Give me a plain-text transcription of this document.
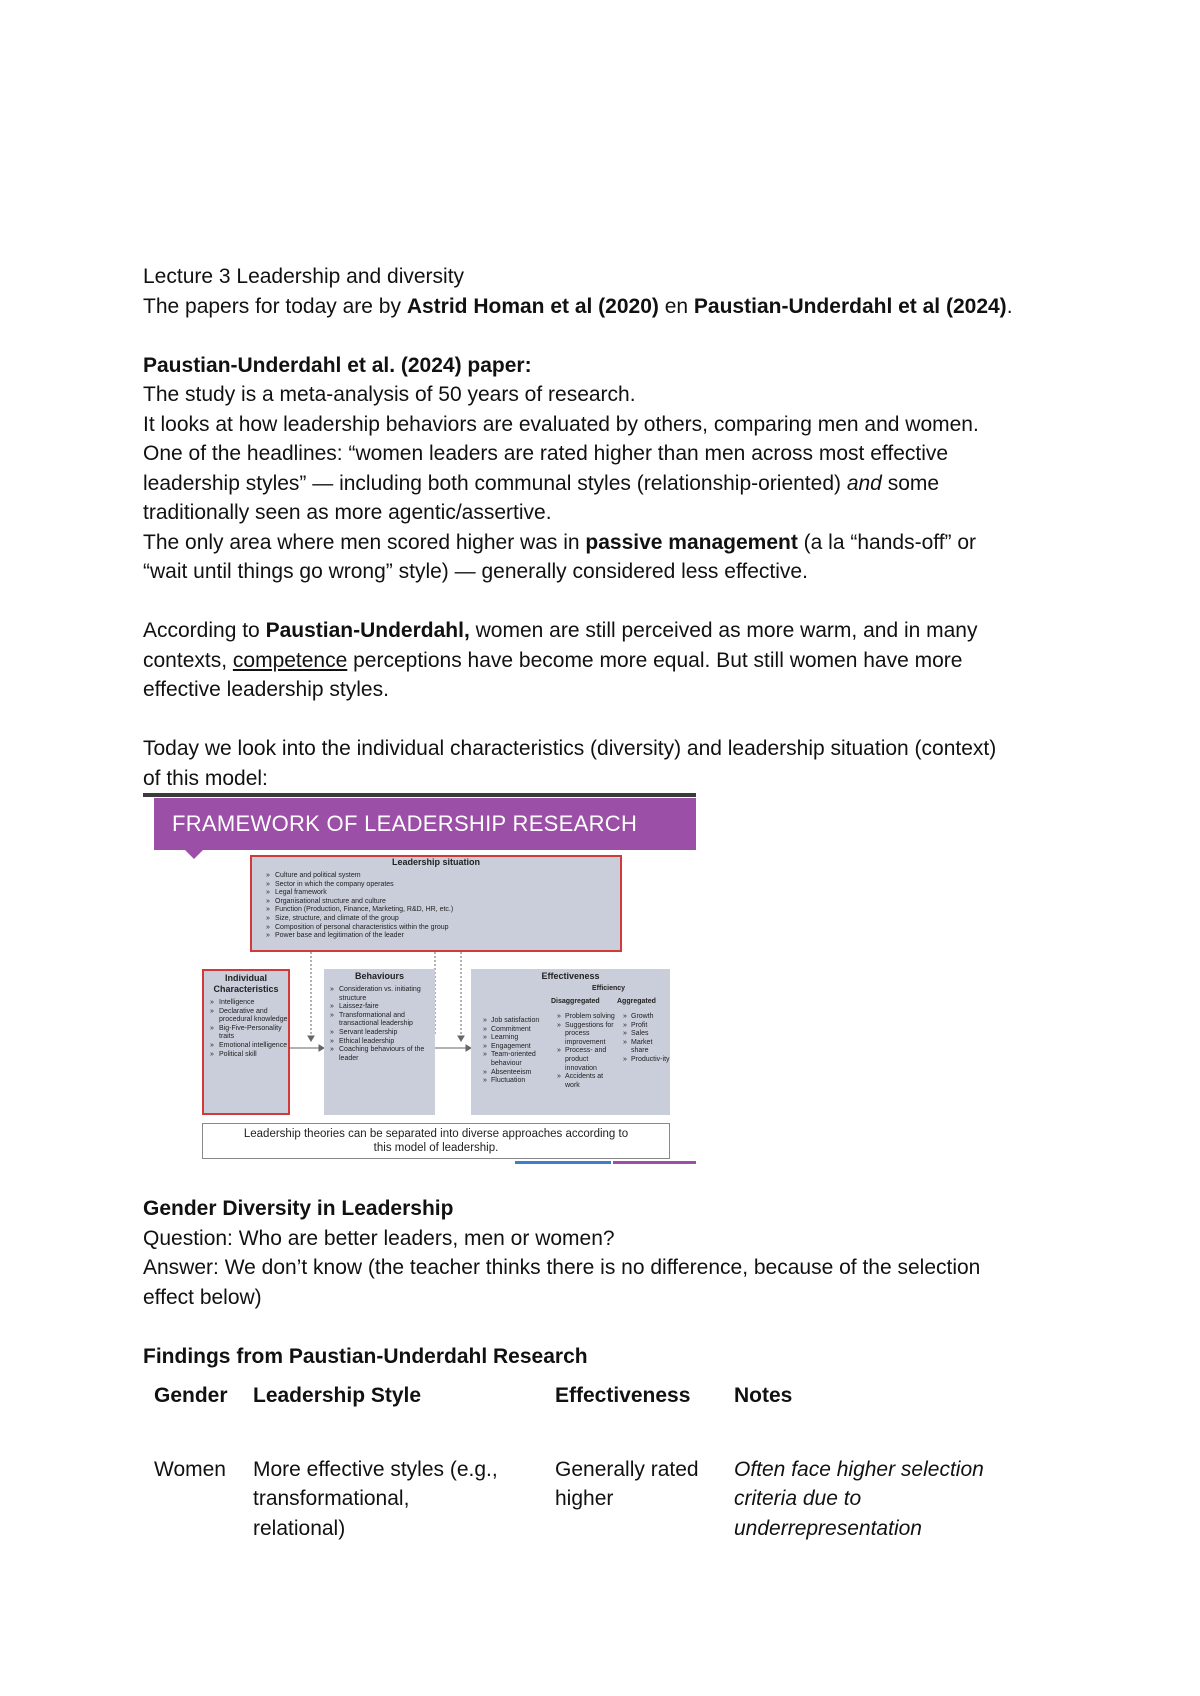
Lecture 3 Leadership and diversity
The papers for today are by Astrid Homan et al (2020) en Paustian-Underdahl et al (2024).
Paustian-Underdahl et al. (2024) paper:
The study is a meta-analysis of 50 years of research.
It looks at how leadership behaviors are evaluated by others, comparing men and women.
One of the headlines: “women leaders are rated higher than men across most effective
leadership styles” — including both communal styles (relationship-oriented) and some
traditionally seen as more agentic/assertive.
The only area where men scored higher was in passive management (a la “hands-off” or
“wait until things go wrong” style) — generally considered less effective.
According to Paustian-Underdahl, women are still perceived as more warm, and in many
contexts, competence perceptions have become more equal. But still women have more
effective leadership styles.
Today we look into the individual characteristics (diversity) and leadership situation (context)
of this model:
FRAMEWORK OF LEADERSHIP RESEARCH
Leadership situation
» Culture and political system
» Sector in which the company operates
» Legal framework
» Organisational structure and culture
» Function (Production, Finance, Marketing, R&D, HR, etc.)
» Size, structure, and climate of the group
» Composition of personal characteristics within the group
» Power base and legitimation of the leader
Individual
Characteristics
» Intelligence
» Declarative and procedural knowledge
» Big-Five-Personality traits
» Emotional intelligence
» Political skill
Behaviours
» Consideration vs. initiating structure
» Laissez-faire
» Transformational and transactional leadership
» Servant leadership
» Ethical leadership
» Coaching behaviours of the leader
Effectiveness
Efficiency
Disaggregated Aggregated
» Job satisfaction
» Commitment
» Learning
» Engagement
» Team-oriented behaviour
» Absenteeism
» Fluctuation
» Problem solving
» Suggestions for process improvement
» Process- and product innovation
» Accidents at work
» Growth
» Profit
» Sales
» Market share
» Productiv-ity
Leadership theories can be separated into diverse approaches according to
this model of leadership.
Gender Diversity in Leadership
Question: Who are better leaders, men or women?
Answer: We don’t know (the teacher thinks there is no difference, because of the selection
effect below)
Findings from Paustian-Underdahl Research
Gender Leadership Style	Effectiveness Notes
Women More effective styles (e.g.,
transformational,
relational)
Generally rated
higher
Often face higher selection
criteria due to
underrepresentation
